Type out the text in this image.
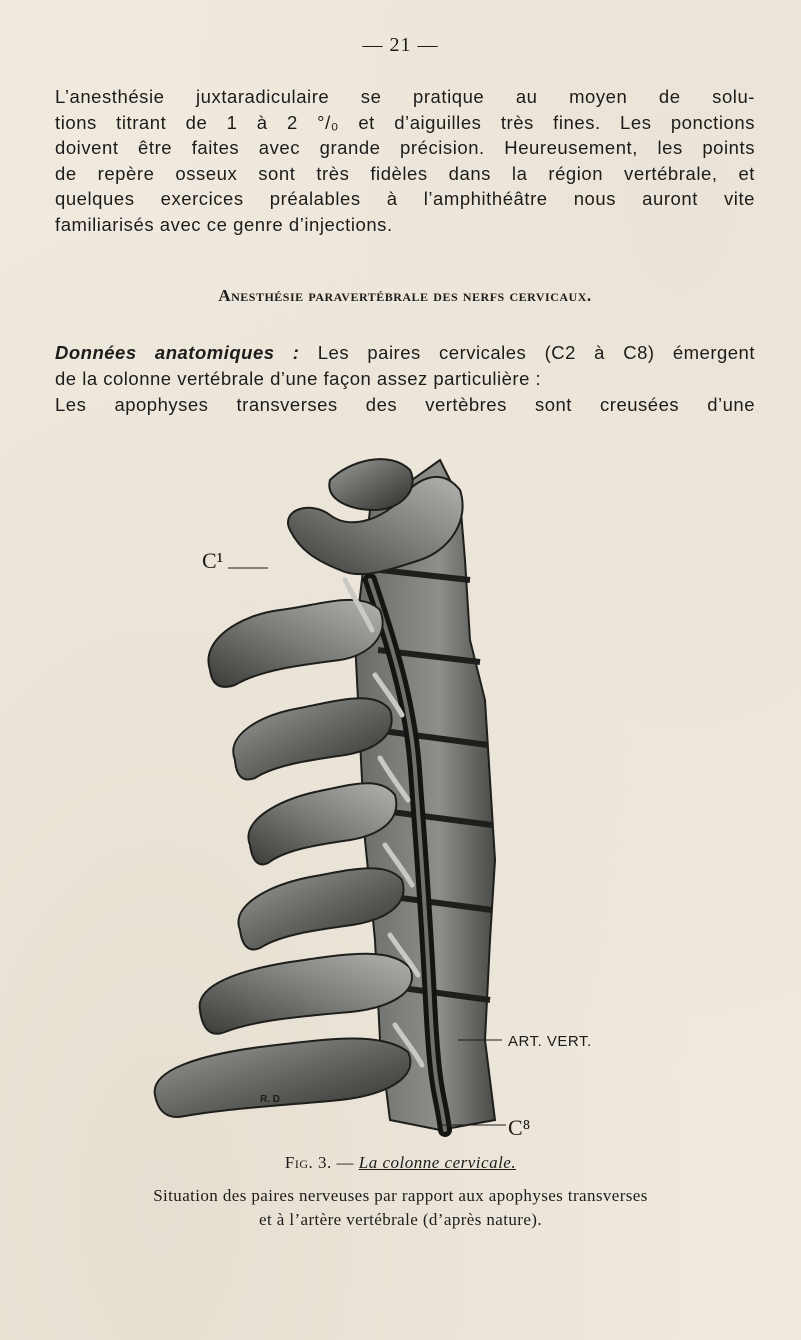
— 21 —
L’anesthésie juxtaradiculaire se pratique au moyen de solu-
tions titrant de 1 à 2 °/₀ et d’aiguilles très fines. Les ponctions
doivent être faites avec grande précision. Heureusement, les points
de repère osseux sont très fidèles dans la région vertébrale, et
quelques exercices préalables à l’amphithéâtre nous auront vite
familiarisés avec ce genre d’injections.
Anesthésie paravertébrale des nerfs cervicaux.
Données anatomiques : Les paires cervicales (C2 à C8) émergent
de la colonne vertébrale d’une façon assez particulière :
Les apophyses transverses des vertèbres sont creusées d’une
C¹
ART. VERT.
C⁸
R. D
Fig. 3. — La colonne cervicale.
Situation des paires nerveuses par rapport aux apophyses transverses
et à l’artère vertébrale (d’après nature).
